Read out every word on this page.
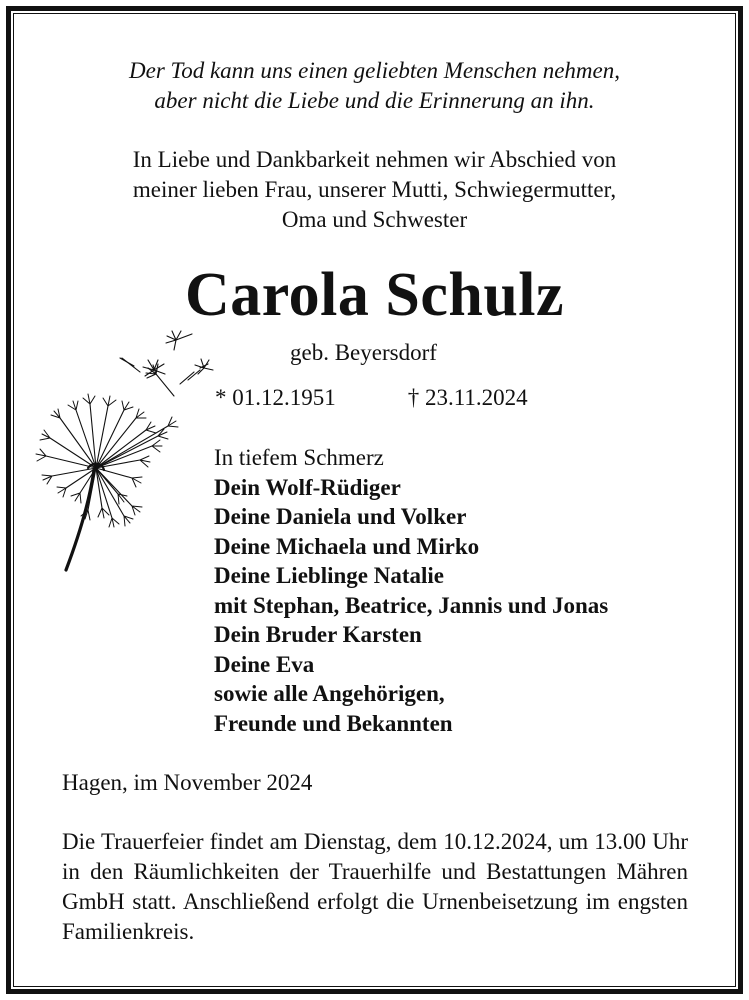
Der Tod kann uns einen geliebten Menschen nehmen,
aber nicht die Liebe und die Erinnerung an ihn.
In Liebe und Dankbarkeit nehmen wir Abschied von
meiner lieben Frau, unserer Mutti, Schwiegermutter,
Oma und Schwester
Carola Schulz
geb. Beyersdorf
* 01.12.1951	† 23.11.2024
In tiefem Schmerz
Dein Wolf-Rüdiger
Deine Daniela und Volker
Deine Michaela und Mirko
Deine Lieblinge Natalie
mit Stephan, Beatrice, Jannis und Jonas
Dein Bruder Karsten
Deine Eva
sowie alle Angehörigen,
Freunde und Bekannten
Hagen, im November 2024
Die Trauerfeier findet am Dienstag, dem 10.12.2024, um 13.00 Uhr in den Räumlichkeiten der Trauerhilfe und Bestattungen Mähren GmbH statt. Anschließend erfolgt die Urnenbeisetzung im engsten Familienkreis.
